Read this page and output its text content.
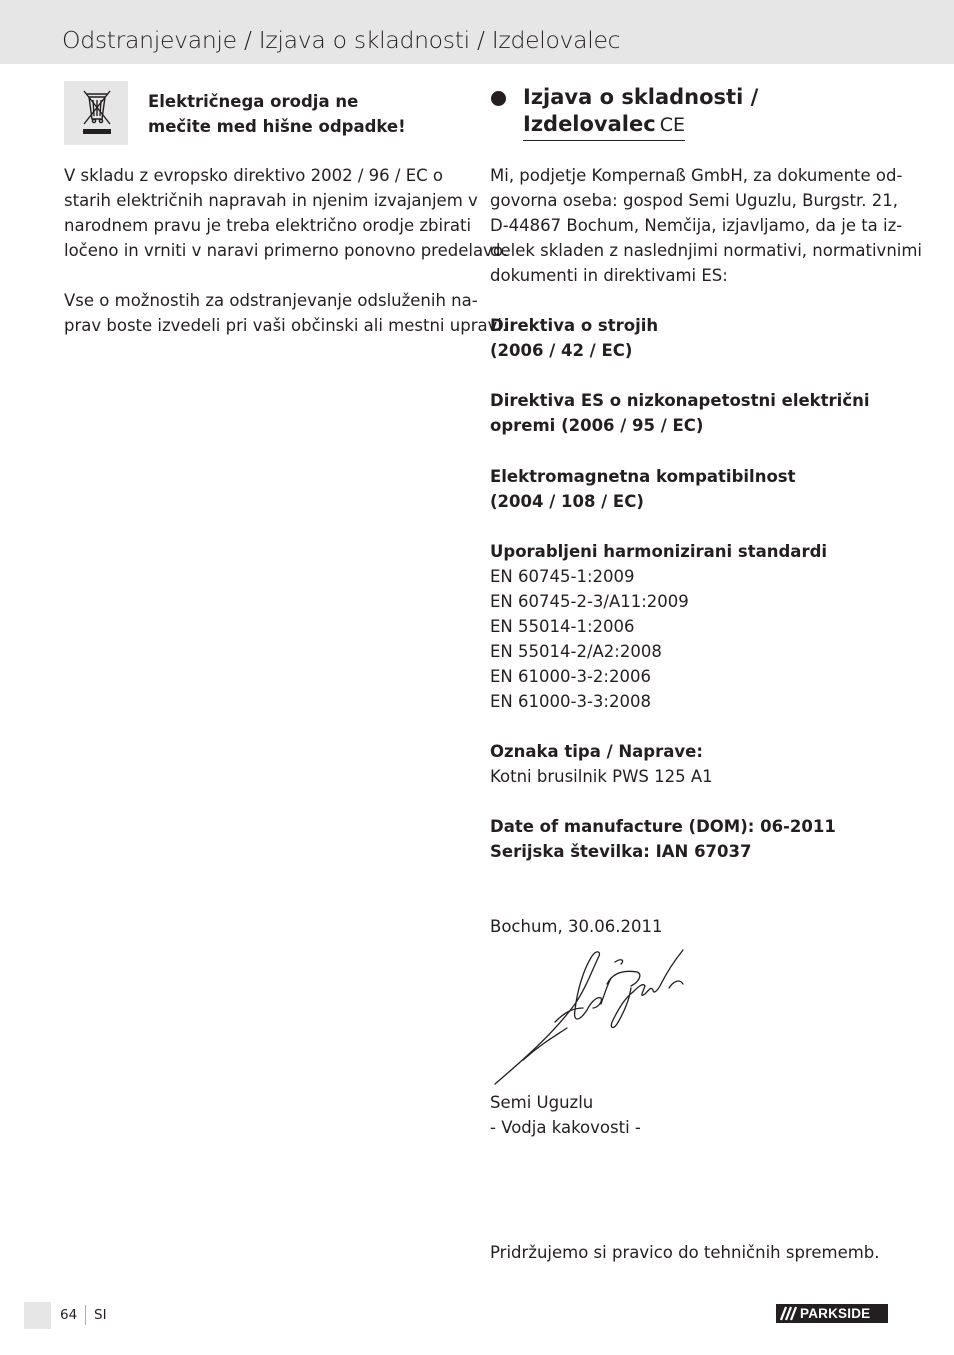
Odstranjevanje / Izjava o skladnosti / Izdelovalec
Električnega orodja ne
mečite med hišne odpadke!
V skladu z evropsko direktivo 2002 / 96 / EC o
starih električnih napravah in njenim izvajanjem v
narodnem pravu je treba električno orodje zbirati
ločeno in vrniti v naravi primerno ponovno predelavo.
Vse o možnostih za odstranjevanje odsluženih na-
prav boste izvedeli pri vaši občinski ali mestni upravi.
Izjava o skladnosti /
Izdelovalec CE
Mi, podjetje Kompernaß GmbH, za dokumente od-
govorna oseba: gospod Semi Uguzlu, Burgstr. 21,
D-44867 Bochum, Nemčija, izjavljamo, da je ta iz-
delek skladen z naslednjimi normativi, normativnimi
dokumenti in direktivami ES:
Direktiva o strojih
(2006 / 42 / EC)
Direktiva ES o nizkonapetostni električni
opremi (2006 / 95 / EC)
Elektromagnetna kompatibilnost
(2004 / 108 / EC)
Uporabljeni harmonizirani standardi
EN 60745-1:2009
EN 60745-2-3/A11:2009
EN 55014-1:2006
EN 55014-2/A2:2008
EN 61000-3-2:2006
EN 61000-3-3:2008
Oznaka tipa / Naprave:
Kotni brusilnik PWS 125 A1
Date of manufacture (DOM): 06-2011
Serijska številka: IAN 67037
Bochum, 30.06.2011
Semi Uguzlu
- Vodja kakovosti -
Pridržujemo si pravico do tehničnih sprememb.
64 SI	PARKSIDE
